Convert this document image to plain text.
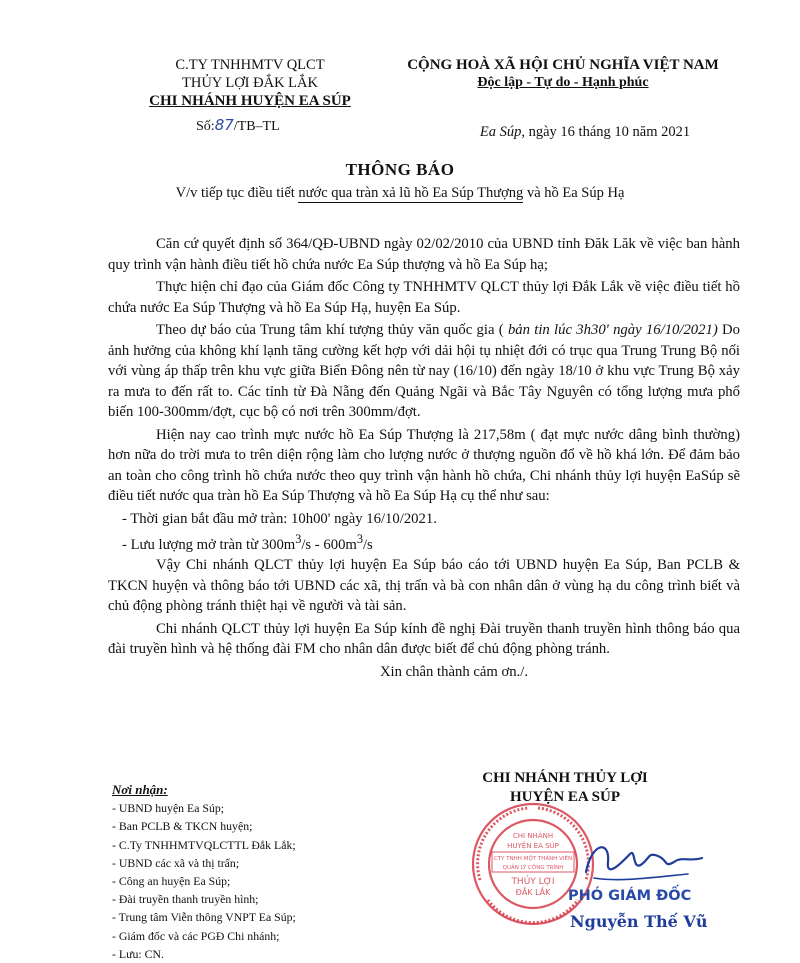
C.TY TNHHMTV QLCT
THỦY LỢI ĐẮK LẮK
CHI NHÁNH HUYỆN EA SÚP
Số:87/TB–TL
CỘNG HOÀ XÃ HỘI CHỦ NGHĨA VIỆT NAM
Độc lập - Tự do - Hạnh phúc
Ea Súp, ngày 16 tháng 10 năm 2021
THÔNG BÁO
V/v tiếp tục điều tiết nước qua tràn xả lũ hồ Ea Súp Thượng và hồ Ea Súp Hạ

Căn cứ quyết định số 364/QĐ-UBND ngày 02/02/2010 của UBND tỉnh Đăk Lăk về việc ban hành quy trình vận hành điều tiết hồ chứa nước Ea Súp thượng và hồ Ea Súp hạ;

Thực hiện chỉ đạo của Giám đốc Công ty TNHHMTV QLCT thủy lợi Đắk Lắk về việc điều tiết hồ chứa nước Ea Súp Thượng và hồ Ea Súp Hạ, huyện Ea Súp.

Theo dự báo của Trung tâm khí tượng thủy văn quốc gia ( bản tin lúc 3h30' ngày 16/10/2021) Do ảnh hưởng của không khí lạnh tăng cường kết hợp với dải hội tụ nhiệt đới có trục qua Trung Trung Bộ nối với vùng áp thấp trên khu vực giữa Biển Đông nên từ nay (16/10) đến ngày 18/10 ở khu vực Trung Bộ xảy ra mưa to đến rất to. Các tỉnh từ Đà Nẵng đến Quảng Ngãi và Bắc Tây Nguyên có tổng lượng mưa phổ biến 100-300mm/đợt, cục bộ có nơi trên 300mm/đợt.

Hiện nay cao trình mực nước hồ Ea Súp Thượng là 217,58m ( đạt mực nước dâng bình thường) hơn nữa do trời mưa to trên diện rộng làm cho lượng nước ở thượng nguồn đổ về hồ khá lớn. Để đảm bảo an toàn cho công trình hồ chứa nước theo quy trình vận hành hồ chứa, Chi nhánh thủy lợi huyện EaSúp sẽ điều tiết nước qua tràn hồ Ea Súp Thượng và hồ Ea Súp Hạ cụ thể như sau:

- Thời gian bắt đầu mở tràn: 10h00' ngày 16/10/2021.

- Lưu lượng mở tràn từ $300m^3/s - 600m^3/s$

Vậy Chi nhánh QLCT thủy lợi huyện Ea Súp báo cáo tới UBND huyện Ea Súp, Ban PCLB & TKCN huyện và thông báo tới UBND các xã, thị trấn và bà con nhân dân ở vùng hạ du công trình biết và chủ động phòng tránh thiệt hại về người và tài sản.

Chi nhánh QLCT thủy lợi huyện Ea Súp kính đề nghị Đài truyền thanh truyền hình thông báo qua đài truyền hình và hệ thống đài FM cho nhân dân được biết để chủ động phòng tránh.

Xin chân thành cảm ơn./.

Nơi nhận:
- UBND huyện Ea Súp;
- Ban PCLB & TKCN huyện;
- C.Ty TNHHMTVQLCTTL Đắk Lắk;
- UBND các xã và thị trấn;
- Công an huyện Ea Súp;
- Đài truyền thanh truyền hình;
- Trung tâm Viễn thông VNPT Ea Súp;
- Giám đốc và các PGĐ Chi nhánh;
- Lưu: CN.
CHI NHÁNH THỦY LỢI
HUYỆN EA SÚP
CHI NHÁNH
HUYỆN EA SÚP
CTY TNHH MỘT THÀNH VIÊN
QUẢN LÝ CÔNG TRÌNH
THỦY LỢI
ĐẮK LẮK PHÓ GIÁM ĐỐC
Nguyễn Thế Vũ
